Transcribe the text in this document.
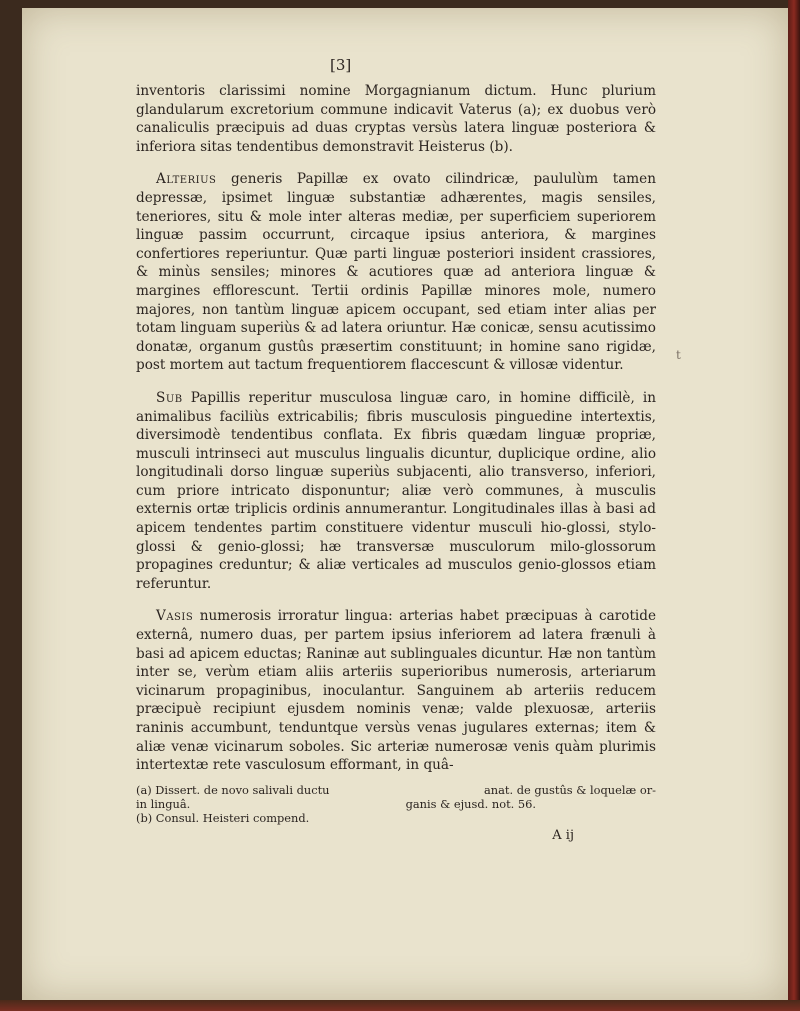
[3]
t

inventoris clarissimi nomine Morgagnianum dictum. Hunc plurium glandularum excretorium commune indicavit Vaterus (a); ex duobus verò canaliculis præcipuis ad duas cryptas versùs latera linguæ posteriora & inferiora sitas tendentibus demonstravit Heisterus (b).

Alterius generis Papillæ ex ovato cilindricæ, paululùm tamen depressæ, ipsimet linguæ substantiæ adhærentes, magis sensiles, teneriores, situ & mole inter alteras mediæ, per superficiem superiorem linguæ passim occurrunt, circaque ipsius anteriora, & margines confertiores reperiuntur. Quæ parti linguæ posteriori insident crassiores, & minùs sensiles; minores & acutiores quæ ad anteriora linguæ & margines efflorescunt. Tertii ordinis Papillæ minores mole, numero majores, non tantùm linguæ apicem occupant, sed etiam inter alias per totam linguam superiùs & ad latera oriuntur. Hæ conicæ, sensu acutissimo donatæ, organum gustûs præsertim constituunt; in homine sano rigidæ, post mortem aut tactum frequentiorem flaccescunt & villosæ videntur.

Sub Papillis reperitur musculosa linguæ caro, in homine difficilè, in animalibus faciliùs extricabilis; fibris musculosis pinguedine intertextis, diversimodè tendentibus conflata. Ex fibris quædam linguæ propriæ, musculi intrinseci aut musculus lingualis dicuntur, duplicique ordine, alio longitudinali dorso linguæ superiùs subjacenti, alio transverso, inferiori, cum priore intricato disponuntur; aliæ verò communes, à musculis externis ortæ triplicis ordinis annumerantur. Longitudinales illas à basi ad apicem tendentes partim constituere videntur musculi hio-glossi, stylo-glossi & genio-glossi; hæ transversæ musculorum milo-glossorum propagines creduntur; & aliæ verticales ad musculos genio-glossos etiam referuntur.

Vasis numerosis irroratur lingua: arterias habet præcipuas à carotide externâ, numero duas, per partem ipsius inferiorem ad latera frænuli à basi ad apicem eductas; Raninæ aut sublinguales dicuntur. Hæ non tantùm inter se, verùm etiam aliis arteriis superioribus numerosis, arteriarum vicinarum propaginibus, inoculantur. Sanguinem ab arteriis reducem præcipuè recipiunt ejusdem nominis venæ; valde plexuosæ, arteriis raninis accumbunt, tenduntque versùs venas jugulares externas; item & aliæ venæ vicinarum soboles. Sic arteriæ numerosæ venis quàm plurimis intertextæ rete vasculosum efformant, in quâ-

(a) Dissert. de novo salivali ductu	anat. de gustûs & loquelæ or-
in linguâ.	ganis & ejusd. not. 56.
(b) Consul. Heisteri compend.
A ij
